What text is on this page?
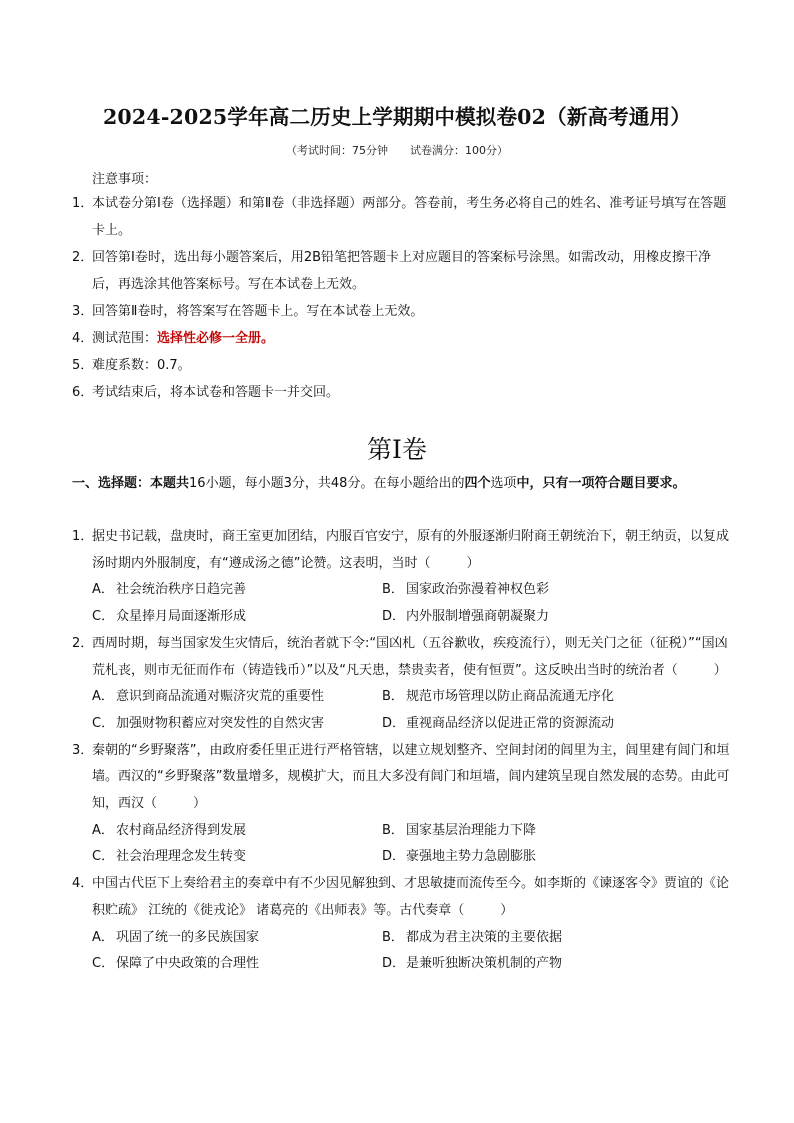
2024-2025学年高二历史上学期期中模拟卷02（新高考通用）
（考试时间：75分钟 试卷满分：100分）
注意事项：
1．
本试卷分第Ⅰ卷（选择题）和第Ⅱ卷（非选择题）两部分。答卷前，考生务必将自己的姓名、准考证号填写在答题卡上。
2．
回答第Ⅰ卷时，选出每小题答案后，用2B铅笔把答题卡上对应题目的答案标号涂黑。如需改动，用橡皮擦干净后，再选涂其他答案标号。写在本试卷上无效。
3．
回答第Ⅱ卷时，将答案写在答题卡上。写在本试卷上无效。
4．
测试范围：选择性必修一全册。
5．
难度系数：0.7。
6．
考试结束后，将本试卷和答题卡一并交回。
第Ⅰ卷
一、选择题：本题共16小题，每小题3分，共48分。在每小题给出的四个选项中，只有一项符合题目要求。
1．
据史书记载，盘庚时，商王室更加团结，内服百官安宁，原有的外服逐渐归附商王朝统治下，朝王纳贡，以复成汤时期内外服制度，有“遵成汤之德”论赞。这表明，当时（	）
A． 社会统治秩序日趋完善	B． 国家政治弥漫着神权色彩
C． 众星捧月局面逐渐形成	D．内外服制增强商朝凝聚力
2．
西周时期，每当国家发生灾情后，统治者就下令:“国凶札（五谷歉收，疾疫流行），则无关门之征（征税）”“国凶荒札丧，则市无征而作布（铸造钱币）”以及“凡天患，禁贵卖者，使有恒贾”。这反映出当时的统治者（	）
A． 意识到商品流通对赈济灾荒的重要性	B． 规范市场管理以防止商品流通无序化
C． 加强财物积蓄应对突发性的自然灾害	D．重视商品经济以促进正常的资源流动
3．
秦朝的“乡野聚落”，由政府委任里正进行严格管辖，以建立规划整齐、空间封闭的闾里为主，闾里建有闾门和垣墙。西汉的“乡野聚落”数量增多，规模扩大，而且大多没有闾门和垣墙，闾内建筑呈现自然发展的态势。由此可知，西汉（	）
A． 农村商品经济得到发展	B． 国家基层治理能力下降
C． 社会治理理念发生转变	D．豪强地主势力急剧膨胀
4．
中国古代臣下上奏给君主的奏章中有不少因见解独到、才思敏捷而流传至今。如李斯的《谏逐客令》贾谊的《论积贮疏》 江统的《徙戎论》 诸葛亮的《出师表》等。古代奏章（	）
A． 巩固了统一的多民族国家	B． 都成为君主决策的主要依据
C． 保障了中央政策的合理性	D．是兼听独断决策机制的产物
